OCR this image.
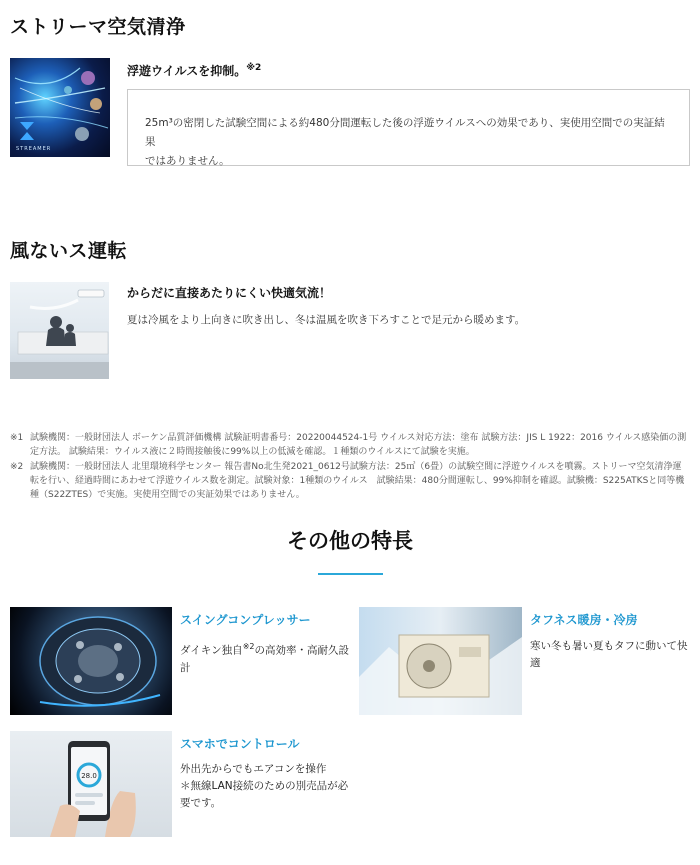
ストリーマ空気清浄
STREAMER
浮遊ウイルスを抑制。$^{※2}$
25m³の密閉した試験空間による約480分間運転した後の浮遊ウイルスへの効果であり、実使用空間での実証結果
ではありません。
風ないス運転
からだに直接あたりにくい快適気流！
夏は冷風をより上向きに吹き出し、冬は温風を吹き下ろすことで足元から暖めます。
※1 試験機関：一般財団法人 ボーケン品質評価機構 試験証明書番号：20220044524-1号 ウイルス対応方法：塗布 試験方法：JIS L 1922：2016 ウイルス感染価の測定方法。 試験結果：ウイルス液に２時間接触後に99%以上の低減を確認。１種類のウイルスにて試験を実施。
※2 試験機関：一般財団法人 北里環境科学センター 報告書No北生発2021_0612号試験方法：25㎥（6畳）の試験空間に浮遊ウイルスを噴霧。ストリーマ空気清浄運転を行い、経過時間にあわせて浮遊ウイルス数を測定。試験対象：1種類のウイルス　試験結果：480分間運転し、99%抑制を確認。試験機：S225ATKSと同等機種（S22ZTES）で実施。実使用空間での実証効果ではありません。
その他の特長
スイングコンプレッサー
ダイキン独自$^{※2}$の高効率・高耐久設計
タフネス暖房・冷房
寒い冬も暑い夏もタフに動いて快適
28.0
スマホでコントロール
外出先からでもエアコンを操作
＊無線LAN接続のための別売品が必要です。
